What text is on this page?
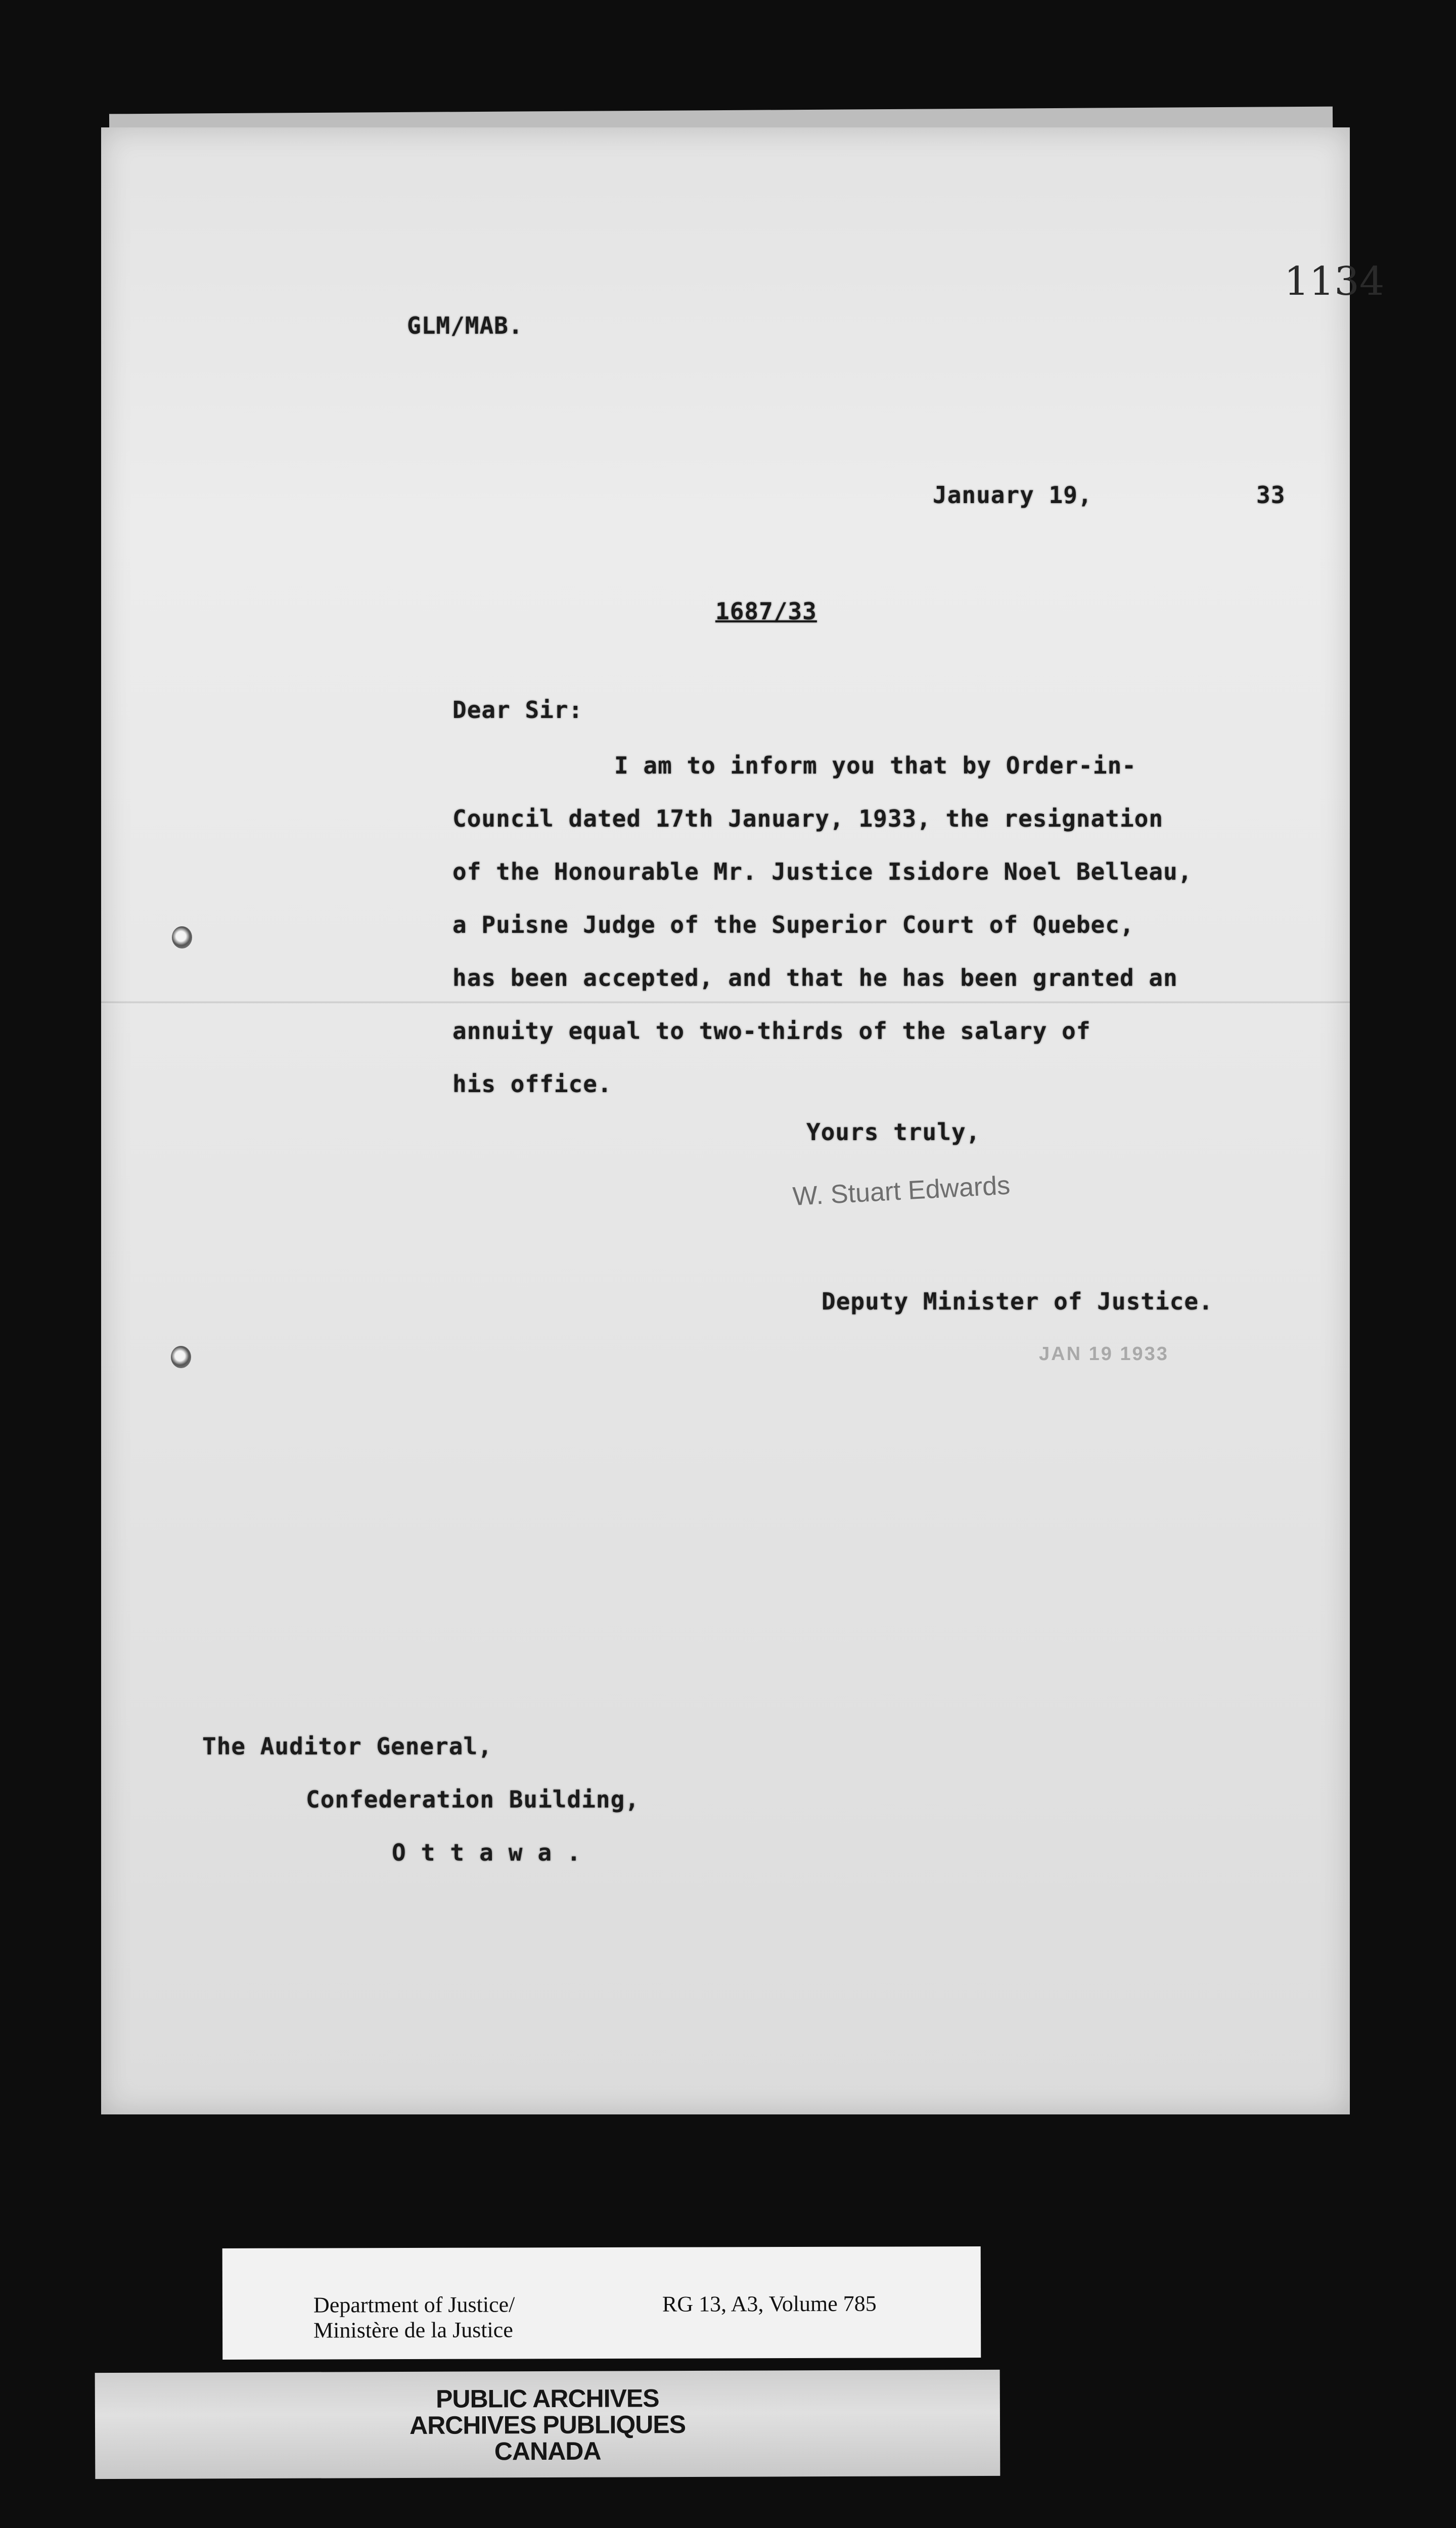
1134
GLM/MAB.
January 19,	33
1687/33
Dear Sir:
I am to inform you that by Order-in-
Council dated 17th January, 1933, the resignation
of the Honourable Mr. Justice Isidore Noel Belleau,
a Puisne Judge of the Superior Court of Quebec,
has been accepted, and that he has been granted an
annuity equal to two-thirds of the salary of
his office.
Yours truly,
W. Stuart Edwards
Deputy Minister of Justice.
JAN 19 1933
The Auditor General,
Confederation Building,
Ottawa.
Department of Justice/
Ministère de la Justice
RG 13, A3, Volume 785
PUBLIC ARCHIVES
ARCHIVES PUBLIQUES
CANADA
